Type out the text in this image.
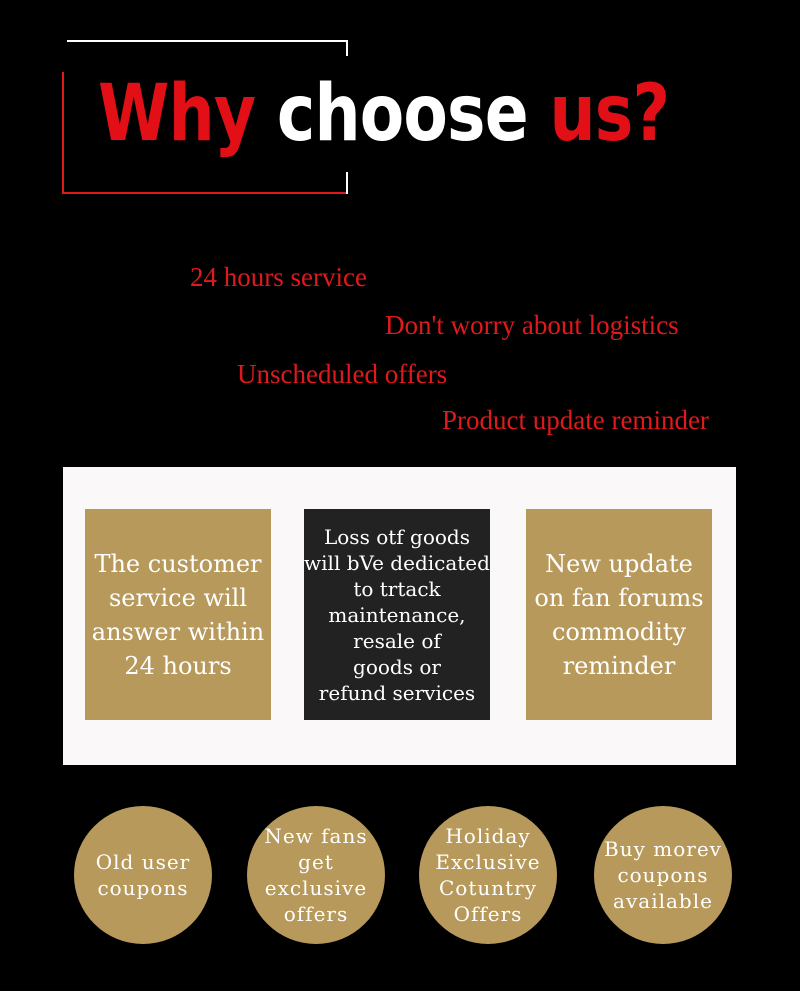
Why choose us?
24 hours service
Don't worry about logistics
Unscheduled offers
Product update reminder
The customer
service will
answer within
24 hours
Loss otf goods
will bVe dedicated
to trtack
maintenance,
resale of
goods or
refund services
New update
on fan forums
commodity
reminder
Old user
coupons
New fans
get
exclusive
offers
Holiday
Exclusive
Cotuntry
Offers
Buy morev
coupons
available
